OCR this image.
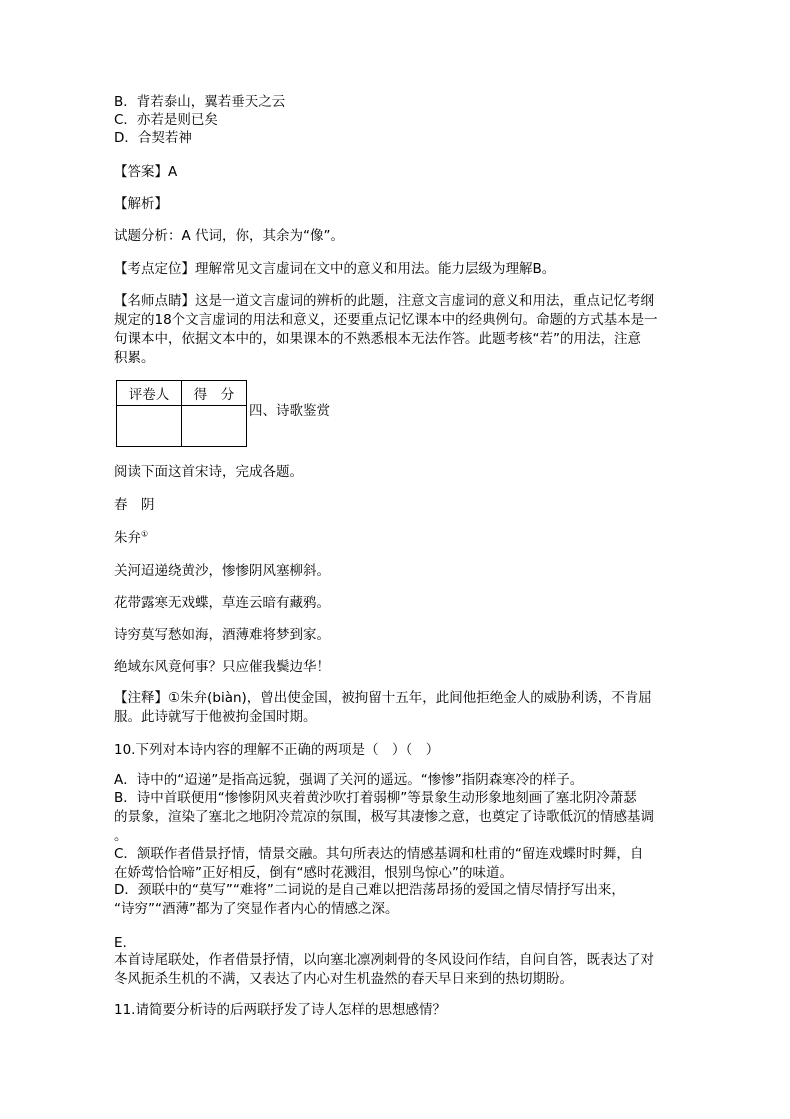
B．背若泰山，翼若垂天之云
C．亦若是则已矣
D．合契若神
【答案】A
【解析】
试题分析：A 代词，你，其余为“像”。
【考点定位】理解常见文言虚词在文中的意义和用法。能力层级为理解B。
【名师点睛】这是一道文言虚词的辨析的此题，注意文言虚词的意义和用法，重点记忆考纲
规定的18个文言虚词的用法和意义，还要重点记忆课本中的经典例句。命题的方式基本是一
句课本中，依据文本中的，如果课本的不熟悉根本无法作答。此题考核“若”的用法，注意
积累。
评卷人	得　分

四、诗歌鉴赏
阅读下面这首宋诗，完成各题。
春　阴
朱弁①
关河迢递绕黄沙，惨惨阴风塞柳斜。
花带露寒无戏蝶，草连云暗有藏鸦。
诗穷莫写愁如海，酒薄难将梦到家。
绝域东风竟何事？只应催我鬓边华！
【注释】①朱弁(biàn)，曾出使金国，被拘留十五年，此间他拒绝金人的威胁利诱，不肯屈
服。此诗就写于他被拘金国时期。
10.下列对本诗内容的理解不正确的两项是（　）（　）
A．诗中的“迢递”是指高远貌，强调了关河的遥远。“惨惨”指阴森寒冷的样子。
B．诗中首联便用“惨惨阴风夹着黄沙吹打着弱柳”等景象生动形象地刻画了塞北阴冷萧瑟
的景象，渲染了塞北之地阴冷荒凉的氛围，极写其凄惨之意，也奠定了诗歌低沉的情感基调
。
C．颔联作者借景抒情，情景交融。其句所表达的情感基调和杜甫的“留连戏蝶时时舞，自
在娇莺恰恰啼”正好相反，倒有“感时花溅泪，恨别鸟惊心”的味道。
D．颈联中的“莫写”“难将”二词说的是自己难以把浩荡昂扬的爱国之情尽情抒写出来，
“诗穷”“酒薄”都为了突显作者内心的情感之深。
E.
本首诗尾联处，作者借景抒情，以向塞北凛冽刺骨的冬风设问作结，自问自答，既表达了对
冬风扼杀生机的不满，又表达了内心对生机盎然的春天早日来到的热切期盼。
11.请简要分析诗的后两联抒发了诗人怎样的思想感情？
